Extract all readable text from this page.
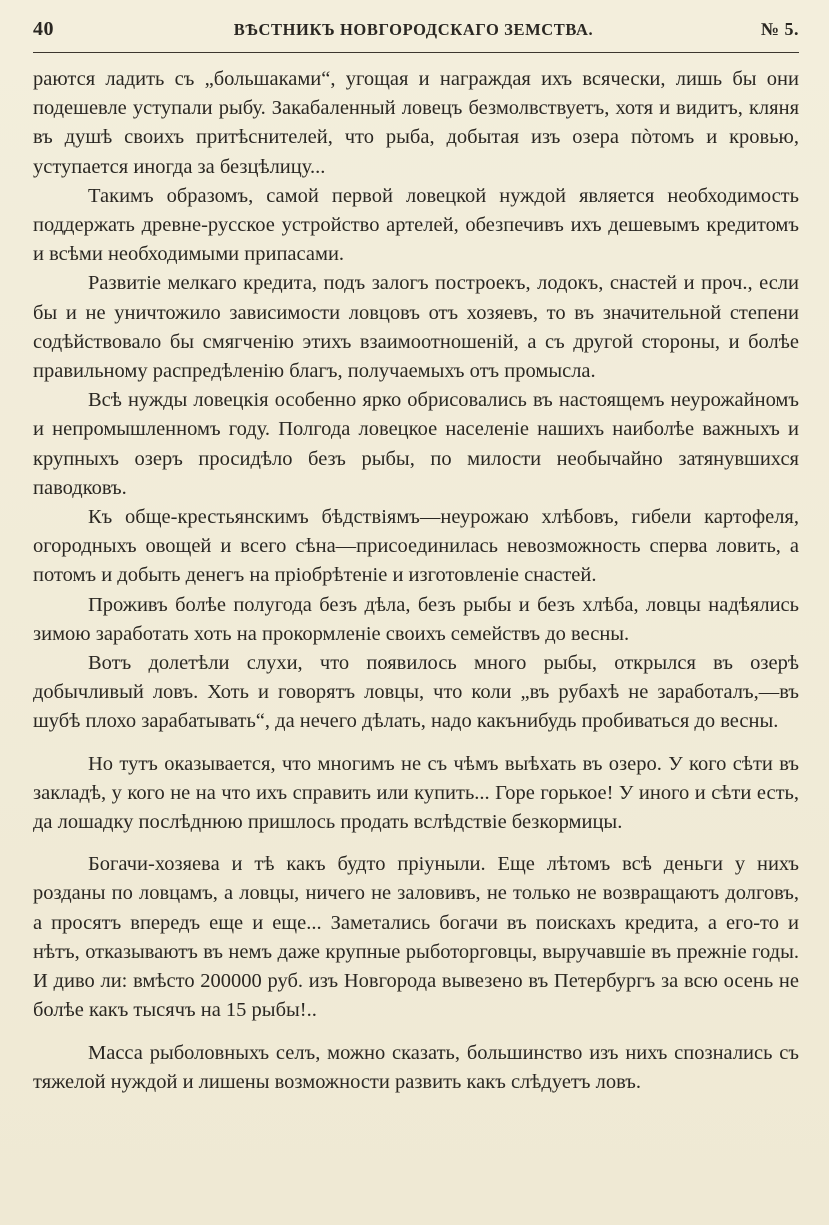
40	ВѢСТНИКЪ НОВГОРОДСКАГО ЗЕМСТВА.	№ 5.

раются ладить съ „большаками“, угощая и награждая ихъ всячески, лишь бы они подешевле уступали рыбу. Закабаленный ловецъ безмолвствуетъ, хотя и видитъ, кляня въ душѣ своихъ притѣснителей, что рыба, добытая изъ озера пòтомъ и кровью, уступается иногда за безцѣлицу...

Такимъ образомъ, самой первой ловецкой нуждой является необходимость поддержать древне-русское устройство артелей, обезпечивъ ихъ дешевымъ кредитомъ и всѣми необходимыми припасами.

Развитіе мелкаго кредита, подъ залогъ построекъ, лодокъ, снастей и проч., если бы и не уничтожило зависимости ловцовъ отъ хозяевъ, то въ значительной степени содѣйствовало бы смягченію этихъ взаимоотношеній, а съ другой стороны, и болѣе правильному распредѣленію благъ, получаемыхъ отъ промысла.

Всѣ нужды ловецкія особенно ярко обрисовались въ настоящемъ неурожайномъ и непромышленномъ году. Полгода ловецкое населеніе нашихъ наиболѣе важныхъ и крупныхъ озеръ просидѣло безъ рыбы, по милости необычайно затянувшихся паводковъ.

Къ обще-крестьянскимъ бѣдствіямъ—неурожаю хлѣбовъ, гибели картофеля, огородныхъ овощей и всего сѣна—присоединилась невозможность сперва ловить, а потомъ и добыть денегъ на пріобрѣтеніе и изготовленіе снастей.

Проживъ болѣе полугода безъ дѣла, безъ рыбы и безъ хлѣба, ловцы надѣялись зимою заработать хоть на прокормленіе своихъ семействъ до весны.

Вотъ долетѣли слухи, что появилось много рыбы, открылся въ озерѣ добычливый ловъ. Хоть и говорятъ ловцы, что коли „въ рубахѣ не заработалъ,—въ шубѣ плохо зарабатывать“, да нечего дѣлать, надо какънибудь пробиваться до весны.

Но тутъ оказывается, что многимъ не съ чѣмъ выѣхать въ озеро. У кого сѣти въ закладѣ, у кого не на что ихъ справить или купить... Горе горькое! У иного и сѣти есть, да лошадку послѣднюю пришлось продать вслѣдствіе безкормицы.

Богачи-хозяева и тѣ какъ будто пріуныли. Еще лѣтомъ всѣ деньги у нихъ розданы по ловцамъ, а ловцы, ничего не заловивъ, не только не возвращаютъ долговъ, а просятъ впередъ еще и еще... Заметались богачи въ поискахъ кредита, а его-то и нѣтъ, отказываютъ въ немъ даже крупные рыботорговцы, выручавшіе въ прежніе годы. И диво ли: вмѣсто 200000 руб. изъ Новгорода вывезено въ Петербургъ за всю осень не болѣе какъ тысячъ на 15 рыбы!..

Масса рыболовныхъ селъ, можно сказать, большинство изъ нихъ спознались съ тяжелой нуждой и лишены возможности развить какъ слѣдуетъ ловъ.
